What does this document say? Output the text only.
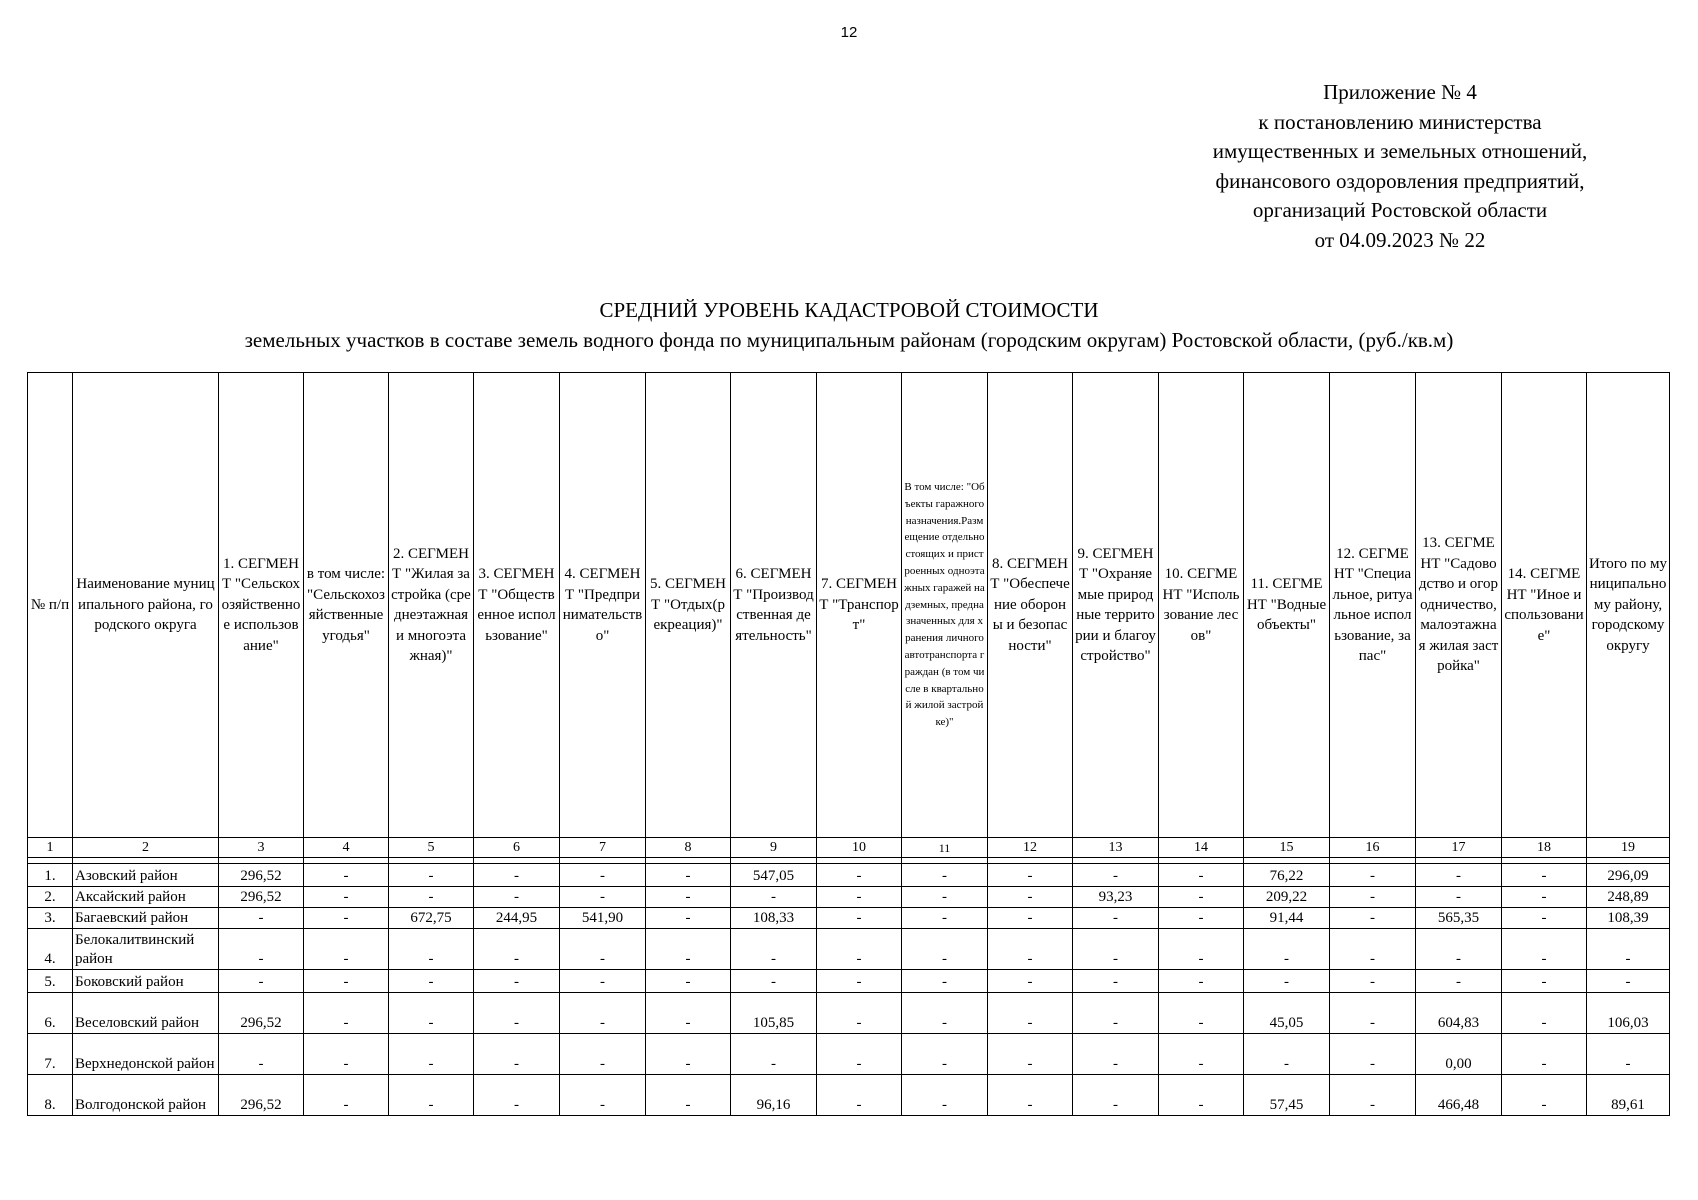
12
Приложение № 4
к постановлению министерства
имущественных и земельных отношений,
финансового оздоровления предприятий,
организаций Ростовской области
от 04.09.2023 № 22
СРЕДНИЙ УРОВЕНЬ КАДАСТРОВОЙ СТОИМОСТИ
земельных участков в составе земель водного фонда по муниципальным районам (городским округам) Ростовской области, (руб./кв.м)
№ п/п	Наименование муниципального района, городского округа	1. СЕГМЕНТ "Сельскохозяйственное использование"	в том числе: "Сельскохозяйственные угодья"	2. СЕГМЕНТ "Жилая застройка (среднеэтажная и многоэтажная)"	3. СЕГМЕНТ "Общественное использование"	4. СЕГМЕНТ "Предпринимательство"	5. СЕГМЕНТ "Отдых(рекреация)"	6. СЕГМЕНТ "Производственная деятельность"	7. СЕГМЕНТ "Транспорт"	В том числе: "Объекты гаражного назначения.Размещение отдельно стоящих и пристроенных одноэтажных гаражей надземных, предназначенных для хранения личного автотранспорта граждан (в том числе в квартальной жилой застройке)"	8. СЕГМЕНТ "Обеспечение обороны и безопасности"	9. СЕГМЕНТ "Охраняемые природные территории и благоустройство"	10. СЕГМЕНТ "Использование лесов"	11. СЕГМЕНТ "Водные объекты"	12. СЕГМЕНТ "Специальное, ритуальное использование, запас"	13. СЕГМЕНТ "Садоводство и огородничество, малоэтажная жилая застройка"	14. СЕГМЕНТ "Иное использование"	Итого по муниципальному району, городскому округу
1	2	3	4	5	6	7	8	9	10	11	12	13	14	15	16	17	18	19

1.	Азовский район	296,52	-	-	-	-	-	547,05	-	-	-	-	-	76,22	-	-	-	296,09
2.	Аксайский район	296,52	-	-	-	-	-	-	-	-	-	93,23	-	209,22	-	-	-	248,89
3.	Багаевский район	-	-	672,75	244,95	541,90	-	108,33	-	-	-	-	-	91,44	-	565,35	-	108,39
4.	Белокалитвинский район	-	-	-	-	-	-	-	-	-	-	-	-	-	-	-	-	-
5.	Боковский район	-	-	-	-	-	-	-	-	-	-	-	-	-	-	-	-	-
6.	Веселовский район	296,52	-	-	-	-	-	105,85	-	-	-	-	-	45,05	-	604,83	-	106,03
7.	Верхнедонской район	-	-	-	-	-	-	-	-	-	-	-	-	-	-	0,00	-	-
8.	Волгодонской район	296,52	-	-	-	-	-	96,16	-	-	-	-	-	57,45	-	466,48	-	89,61
